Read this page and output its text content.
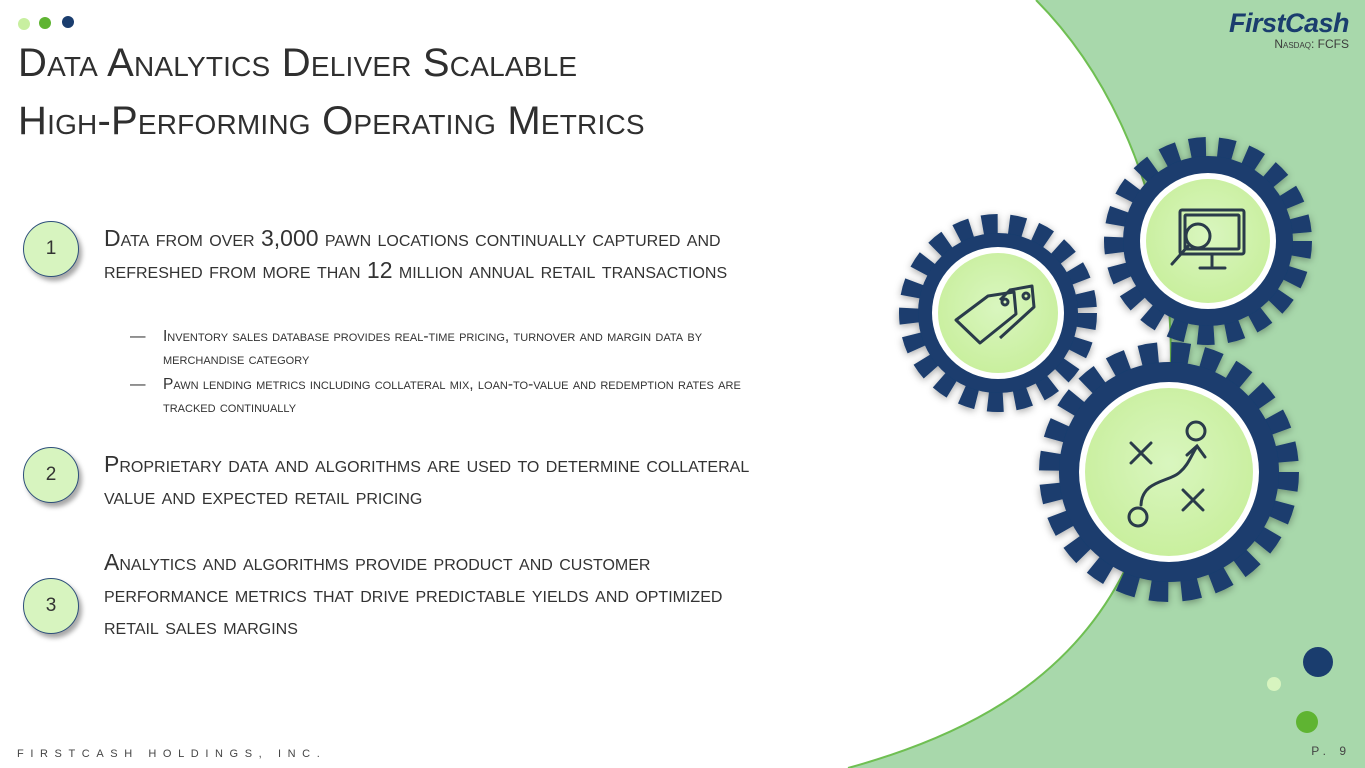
Data Analytics Deliver Scalable
High-Performing Operating Metrics
FirstCash
Nasdaq: FCFS
1	Data from over 3,000 pawn locations continually captured and refreshed from more than 12 million annual retail transactions
—	Inventory sales database provides real-time pricing, turnover and margin data by merchandise category
—	Pawn lending metrics including collateral mix, loan-to-value and redemption rates are tracked continually
2	Proprietary data and algorithms are used to determine collateral value and expected retail pricing
3
Analytics and algorithms provide product and customer performance metrics that drive predictable yields and optimized retail sales margins
FIRSTCASH HOLDINGS, INC.	P. 9
